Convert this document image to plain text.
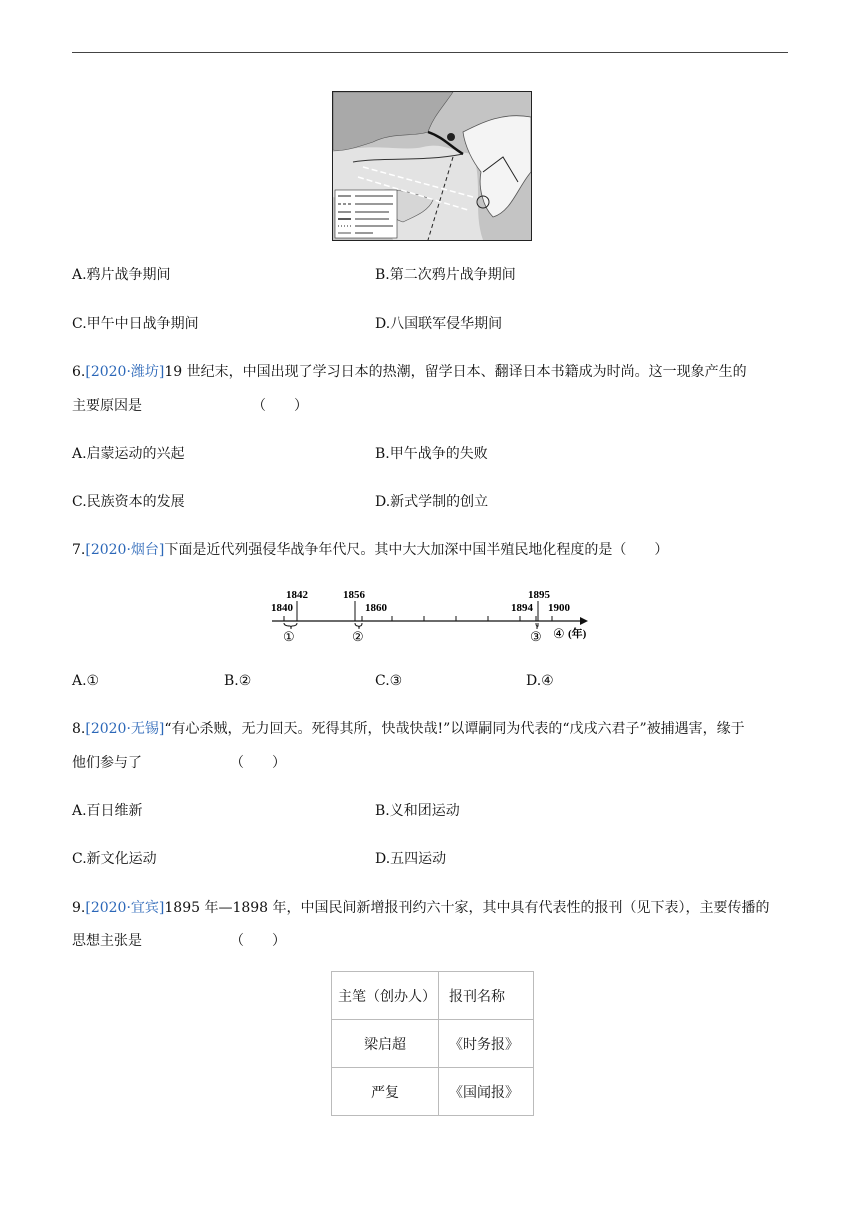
A.鸦片战争期间	B.第二次鸦片战争期间
C.甲午中日战争期间	D.八国联军侵华期间
6.[2020·潍坊]19 世纪末，中国出现了学习日本的热潮，留学日本、翻译日本书籍成为时尚。这一现象产生的
主要原因是	（　　）
A.启蒙运动的兴起	B.甲午战争的失败
C.民族资本的发展	D.新式学制的创立
7.[2020·烟台]下面是近代列强侵华战争年代尺。其中大大加深中国半殖民地化程度的是（　　）
1842	1856	1895
1840	1860	1894 1900
①	②	③ ④ (年)
A.①	B.②	C.③	D.④
8.[2020·无锡]“有心杀贼，无力回天。死得其所，快哉快哉!”以谭嗣同为代表的“戊戌六君子”被捕遇害，缘于
他们参与了	（　　）
A.百日维新	B.义和团运动
C.新文化运动	D.五四运动
9.[2020·宜宾]1895 年—1898 年，中国民间新增报刊约六十家，其中具有代表性的报刊（见下表），主要传播的
思想主张是	（　　）
主笔（创办人）	报刊名称
梁启超	《时务报》
严复	《国闻报》
